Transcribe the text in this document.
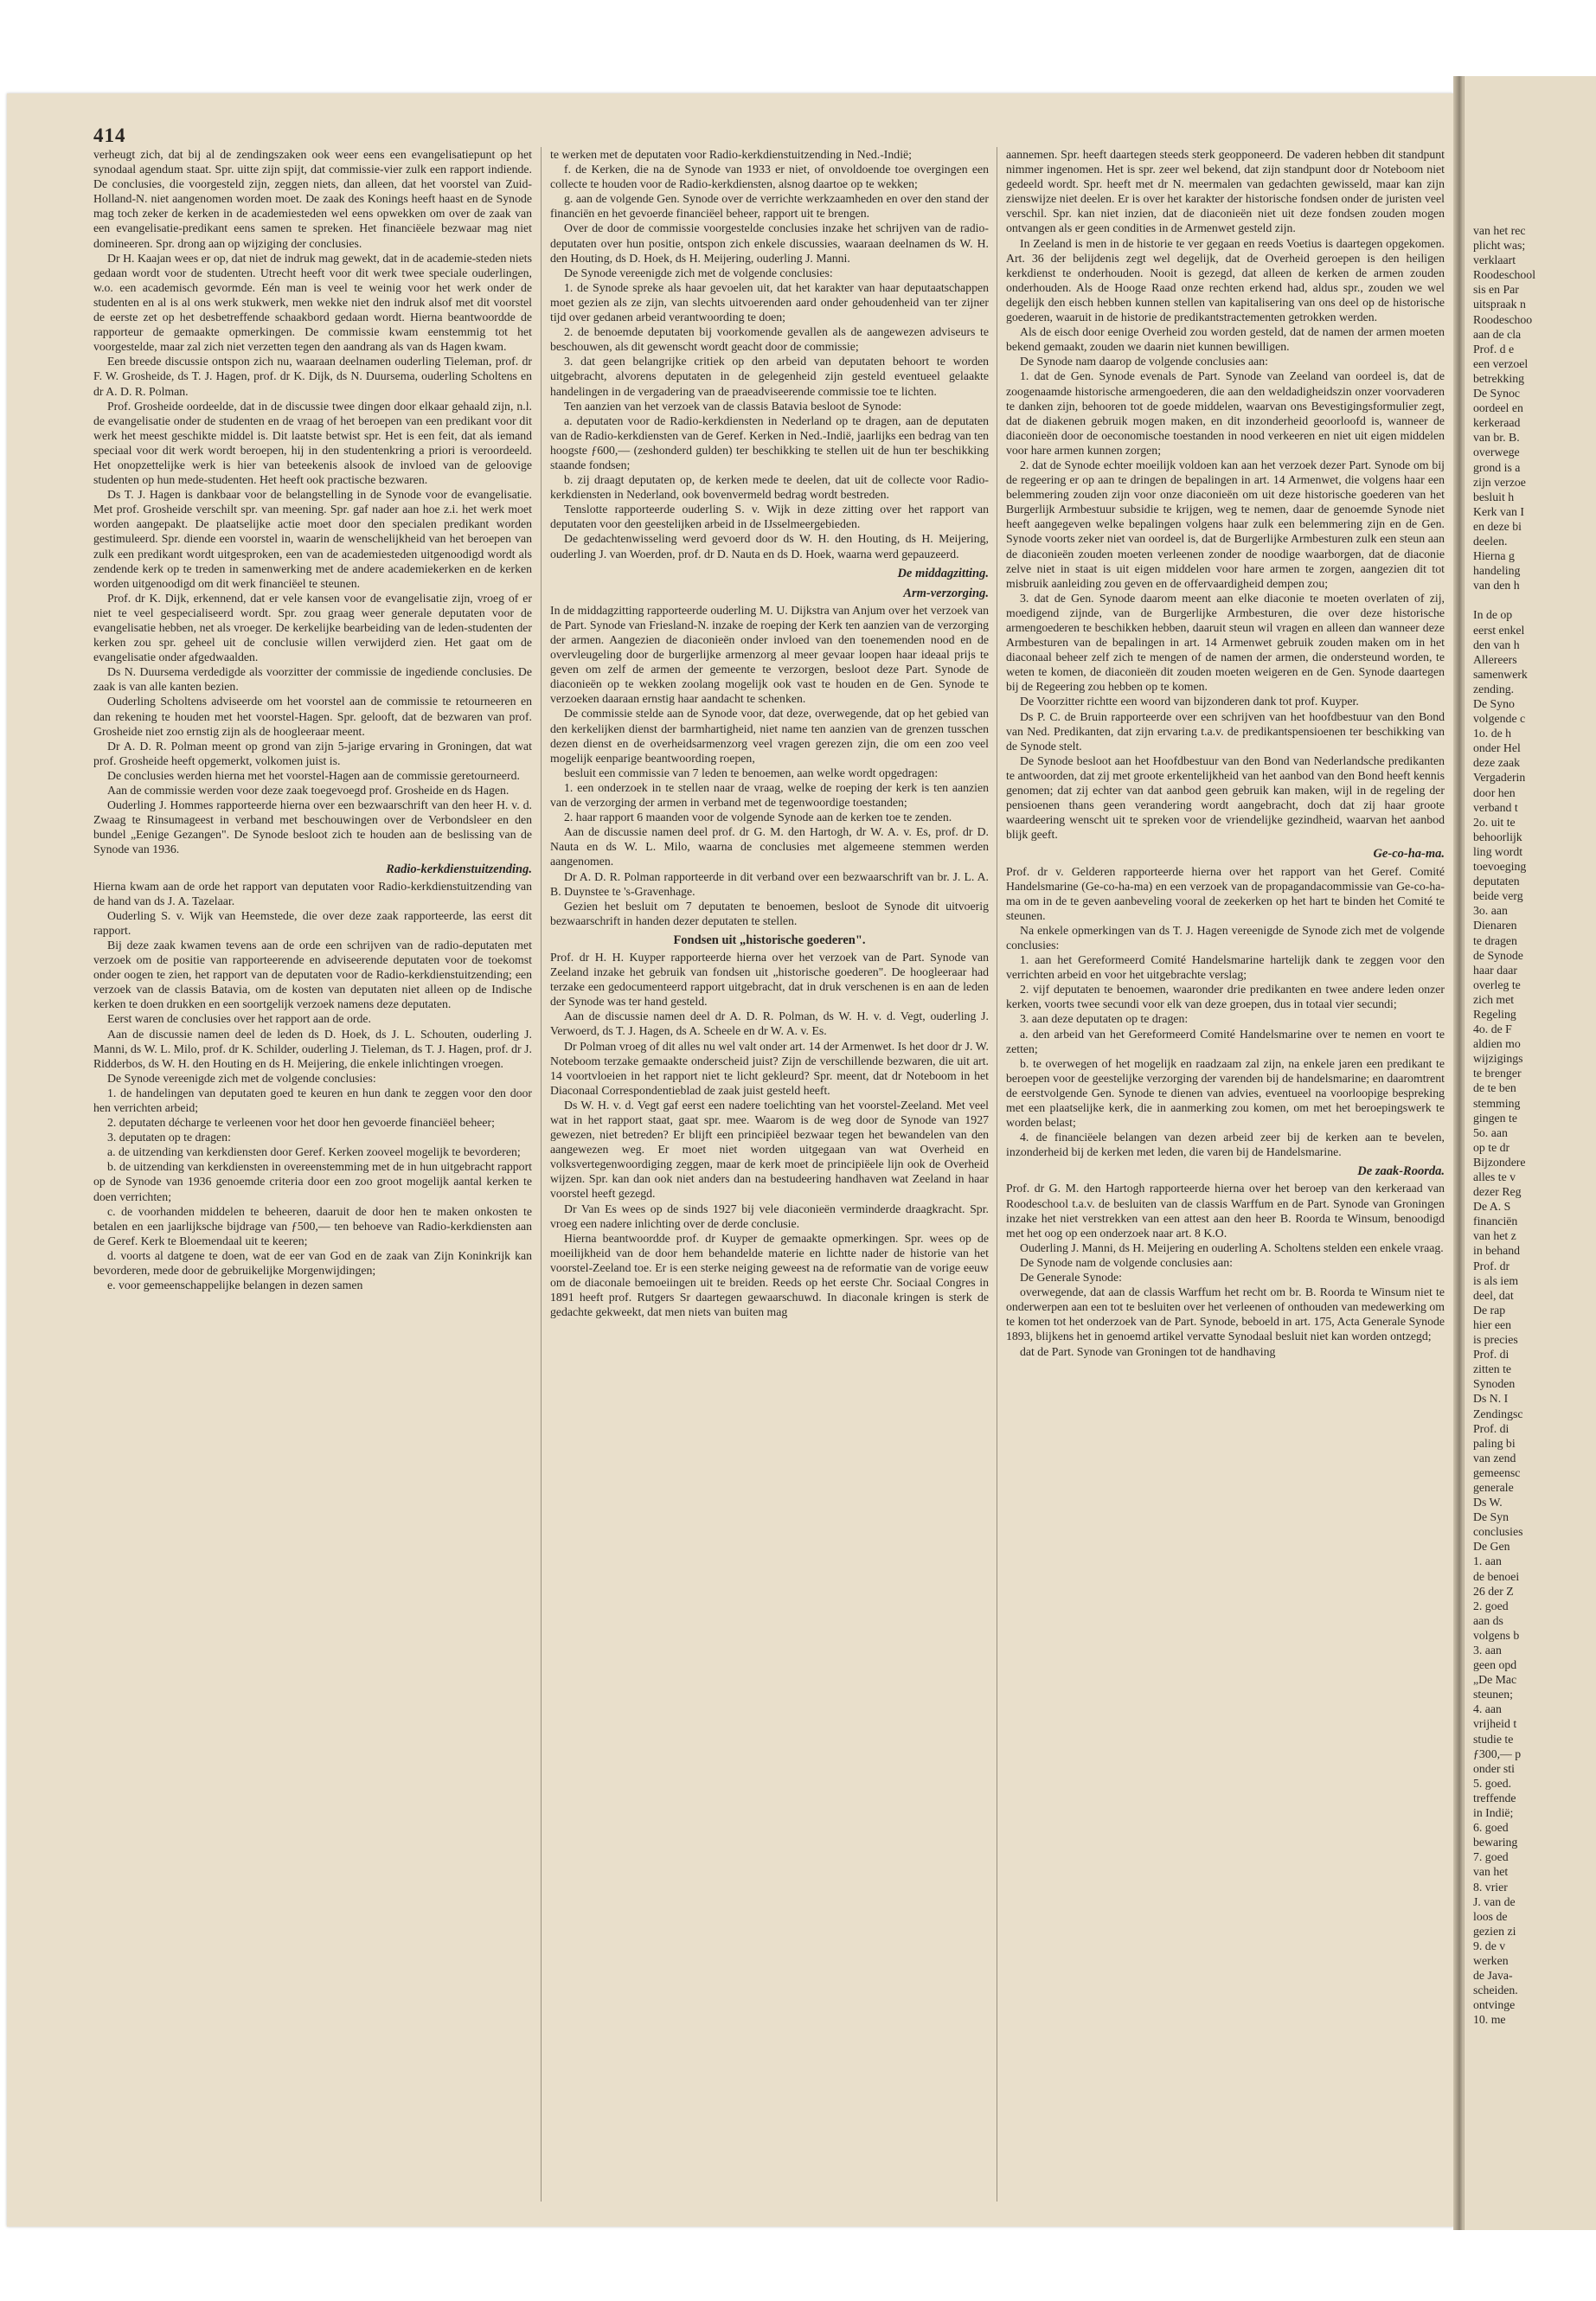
van het rec
plicht was;
verklaart
Roodeschool
sis en Par
uitspraak n
Roodeschoo
aan de cla
Prof. d e
een verzoel
betrekking
De Synoc
oordeel en
kerkeraad
van br. B.
overwege
grond is a
zijn verzoe
besluit h
Kerk van I
en deze bi
deelen.
Hierna g
handeling
van den h
In de op
eerst enkel
den van h
Allereers
samenwerk
zending.
De Syno
volgende c
1o. de h
onder Hel
deze zaak
Vergaderin
door hen
verband t
2o. uit te
behoorlijk
ling wordt
toevoeging
deputaten
beide verg
3o. aan
Dienaren
te dragen
de Synode
haar daar
overleg te
zich met
Regeling
4o. de F
aldien mo
wijzigings
te brenger
de te ben
stemming
gingen te
5o. aan
op te dr
Bijzondere
alles te v
dezer Reg
De A. S
financiën
van het z
in behand
Prof. dr
is als iem
deel, dat
De rap
hier een
is precies
Prof. di
zitten te
Synoden
Ds N. I
Zendingsc
Prof. di
paling bi
van zend
gemeensc
generale
Ds W.
De Syn
conclusies
De Gen
1. aan
de benoei
26 der Z
2. goed
aan ds
volgens b
3. aan
geen opd
„De Mac
steunen;
4. aan
vrijheid t
studie te
ƒ300,— p
onder sti
5. goed.
treffende
in Indië;
6. goed
bewaring
7. goed
van het
8. vrier
J. van de
loos de
gezien zi
9. de v
werken
de Java-
scheiden.
ontvinge
10. me
414

verheugt zich, dat bij al de zendingszaken ook weer eens een evangelisatiepunt op het synodaal agendum staat. Spr. uitte zijn spijt, dat commissie-vier zulk een rapport indiende. De conclusies, die voorgesteld zijn, zeggen niets, dan alleen, dat het voorstel van Zuid-Holland-N. niet aangenomen worden moet. De zaak des Konings heeft haast en de Synode mag toch zeker de kerken in de academiesteden wel eens opwekken om over de zaak van een evangelisatie-predikant eens samen te spreken. Het financiëele bezwaar mag niet domineeren. Spr. drong aan op wijziging der conclusies.

Dr H. Kaajan wees er op, dat niet de indruk mag gewekt, dat in de academie-steden niets gedaan wordt voor de studenten. Utrecht heeft voor dit werk twee speciale ouderlingen, w.o. een academisch gevormde. Eén man is veel te weinig voor het werk onder de studenten en al is al ons werk stukwerk, men wekke niet den indruk alsof met dit voorstel de eerste zet op het desbetreffende schaakbord gedaan wordt. Hierna beantwoordde de rapporteur de gemaakte opmerkingen. De commissie kwam eenstemmig tot het voorgestelde, maar zal zich niet verzetten tegen den aandrang als van ds Hagen kwam.

Een breede discussie ontspon zich nu, waaraan deelnamen ouderling Tieleman, prof. dr F. W. Grosheide, ds T. J. Hagen, prof. dr K. Dijk, ds N. Duursema, ouderling Scholtens en dr A. D. R. Polman.

Prof. Grosheide oordeelde, dat in de discussie twee dingen door elkaar gehaald zijn, n.l. de evangelisatie onder de studenten en de vraag of het beroepen van een predikant voor dit werk het meest geschikte middel is. Dit laatste betwist spr. Het is een feit, dat als iemand speciaal voor dit werk wordt beroepen, hij in den studentenkring a priori is veroordeeld. Het onopzettelijke werk is hier van beteekenis alsook de invloed van de geloovige studenten op hun mede-studenten. Het heeft ook practische bezwaren.

Ds T. J. Hagen is dankbaar voor de belangstelling in de Synode voor de evangelisatie. Met prof. Grosheide verschilt spr. van meening. Spr. gaf nader aan hoe z.i. het werk moet worden aangepakt. De plaatselijke actie moet door den specialen predikant worden gestimuleerd. Spr. diende een voorstel in, waarin de wenschelijkheid van het beroepen van zulk een predikant wordt uitgesproken, een van de academiesteden uitgenoodigd wordt als zendende kerk op te treden in samenwerking met de andere academiekerken en de kerken worden uitgenoodigd om dit werk financiëel te steunen.

Prof. dr K. Dijk, erkennend, dat er vele kansen voor de evangelisatie zijn, vroeg of er niet te veel gespecialiseerd wordt. Spr. zou graag weer generale deputaten voor de evangelisatie hebben, net als vroeger. De kerkelijke bearbeiding van de leden-studenten der kerken zou spr. geheel uit de conclusie willen verwijderd zien. Het gaat om de evangelisatie onder afgedwaalden.

Ds N. Duursema verdedigde als voorzitter der commissie de ingediende conclusies. De zaak is van alle kanten bezien.

Ouderling Scholtens adviseerde om het voorstel aan de commissie te retourneeren en dan rekening te houden met het voorstel-Hagen. Spr. gelooft, dat de bezwaren van prof. Grosheide niet zoo ernstig zijn als de hoogleeraar meent.

Dr A. D. R. Polman meent op grond van zijn 5-jarige ervaring in Groningen, dat wat prof. Grosheide heeft opgemerkt, volkomen juist is.

De conclusies werden hierna met het voorstel-Hagen aan de commissie geretourneerd.

Aan de commissie werden voor deze zaak toegevoegd prof. Grosheide en ds Hagen.

Ouderling J. Hommes rapporteerde hierna over een bezwaarschrift van den heer H. v. d. Zwaag te Rinsumageest in verband met beschouwingen over de Verbondsleer en den bundel „Eenige Gezangen". De Synode besloot zich te houden aan de beslissing van de Synode van 1936.

Radio-kerkdienstuitzending.

Hierna kwam aan de orde het rapport van deputaten voor Radio-kerkdienstuitzending van de hand van ds J. A. Tazelaar.

Ouderling S. v. Wijk van Heemstede, die over deze zaak rapporteerde, las eerst dit rapport.

Bij deze zaak kwamen tevens aan de orde een schrijven van de radio-deputaten met verzoek om de positie van rapporteerende en adviseerende deputaten voor de toekomst onder oogen te zien, het rapport van de deputaten voor de Radio-kerkdienstuitzending; een verzoek van de classis Batavia, om de kosten van deputaten niet alleen op de Indische kerken te doen drukken en een soortgelijk verzoek namens deze deputaten.

Eerst waren de conclusies over het rapport aan de orde.

Aan de discussie namen deel de leden ds D. Hoek, ds J. L. Schouten, ouderling J. Manni, ds W. L. Milo, prof. dr K. Schilder, ouderling J. Tieleman, ds T. J. Hagen, prof. dr J. Ridderbos, ds W. H. den Houting en ds H. Meijering, die enkele inlichtingen vroegen.

De Synode vereenigde zich met de volgende conclusies:

1. de handelingen van deputaten goed te keuren en hun dank te zeggen voor den door hen verrichten arbeid;

2. deputaten décharge te verleenen voor het door hen gevoerde financiëel beheer;

3. deputaten op te dragen:

a. de uitzending van kerkdiensten door Geref. Kerken zooveel mogelijk te bevorderen;

b. de uitzending van kerkdiensten in overeenstemming met de in hun uitgebracht rapport op de Synode van 1936 genoemde criteria door een zoo groot mogelijk aantal kerken te doen verrichten;

c. de voorhanden middelen te beheeren, daaruit de door hen te maken onkosten te betalen en een jaarlijksche bijdrage van ƒ500,— ten behoeve van Radio-kerkdiensten aan de Geref. Kerk te Bloemendaal uit te keeren;

d. voorts al datgene te doen, wat de eer van God en de zaak van Zijn Koninkrijk kan bevorderen, mede door de gebruikelijke Morgenwijdingen;

e. voor gemeenschappelijke belangen in dezen samen

te werken met de deputaten voor Radio-kerkdienstuitzending in Ned.-Indië;

f. de Kerken, die na de Synode van 1933 er niet, of onvoldoende toe overgingen een collecte te houden voor de Radio-kerkdiensten, alsnog daartoe op te wekken;

g. aan de volgende Gen. Synode over de verrichte werkzaamheden en over den stand der financiën en het gevoerde financiëel beheer, rapport uit te brengen.

Over de door de commissie voorgestelde conclusies inzake het schrijven van de radio-deputaten over hun positie, ontspon zich enkele discussies, waaraan deelnamen ds W. H. den Houting, ds D. Hoek, ds H. Meijering, ouderling J. Manni.

De Synode vereenigde zich met de volgende conclusies:

1. de Synode spreke als haar gevoelen uit, dat het karakter van haar deputaatschappen moet gezien als ze zijn, van slechts uitvoerenden aard onder gehoudenheid van ter zijner tijd over gedanen arbeid verantwoording te doen;

2. de benoemde deputaten bij voorkomende gevallen als de aangewezen adviseurs te beschouwen, als dit gewenscht wordt geacht door de commissie;

3. dat geen belangrijke critiek op den arbeid van deputaten behoort te worden uitgebracht, alvorens deputaten in de gelegenheid zijn gesteld eventueel gelaakte handelingen in de vergadering van de praeadviseerende commissie toe te lichten.

Ten aanzien van het verzoek van de classis Batavia besloot de Synode:

a. deputaten voor de Radio-kerkdiensten in Nederland op te dragen, aan de deputaten van de Radio-kerkdiensten van de Geref. Kerken in Ned.-Indië, jaarlijks een bedrag van ten hoogste ƒ600,— (zeshonderd gulden) ter beschikking te stellen uit de hun ter beschikking staande fondsen;

b. zij draagt deputaten op, de kerken mede te deelen, dat uit de collecte voor Radio-kerkdiensten in Nederland, ook bovenvermeld bedrag wordt bestreden.

Tenslotte rapporteerde ouderling S. v. Wijk in deze zitting over het rapport van deputaten voor den geestelijken arbeid in de IJsselmeergebieden.

De gedachtenwisseling werd gevoerd door ds W. H. den Houting, ds H. Meijering, ouderling J. van Woerden, prof. dr D. Nauta en ds D. Hoek, waarna werd gepauzeerd.

De middagzitting.
Arm-verzorging.

In de middagzitting rapporteerde ouderling M. U. Dijkstra van Anjum over het verzoek van de Part. Synode van Friesland-N. inzake de roeping der Kerk ten aanzien van de verzorging der armen. Aangezien de diaconieën onder invloed van den toenemenden nood en de overvleugeling door de burgerlijke armenzorg al meer gevaar loopen haar ideaal prijs te geven om zelf de armen der gemeente te verzorgen, besloot deze Part. Synode de diaconieën op te wekken zoolang mogelijk ook vast te houden en de Gen. Synode te verzoeken daaraan ernstig haar aandacht te schenken.

De commissie stelde aan de Synode voor, dat deze, overwegende, dat op het gebied van den kerkelijken dienst der barmhartigheid, niet name ten aanzien van de grenzen tusschen dezen dienst en de overheidsarmenzorg veel vragen gerezen zijn, die om een zoo veel mogelijk eenparige beantwoording roepen,

besluit een commissie van 7 leden te benoemen, aan welke wordt opgedragen:

1. een onderzoek in te stellen naar de vraag, welke de roeping der kerk is ten aanzien van de verzorging der armen in verband met de tegenwoordige toestanden;

2. haar rapport 6 maanden voor de volgende Synode aan de kerken toe te zenden.

Aan de discussie namen deel prof. dr G. M. den Hartogh, dr W. A. v. Es, prof. dr D. Nauta en ds W. L. Milo, waarna de conclusies met algemeene stemmen werden aangenomen.

Dr A. D. R. Polman rapporteerde in dit verband over een bezwaarschrift van br. J. L. A. B. Duynstee te 's-Gravenhage.

Gezien het besluit om 7 deputaten te benoemen, besloot de Synode dit uitvoerig bezwaarschrift in handen dezer deputaten te stellen.

Fondsen uit „historische goederen".

Prof. dr H. H. Kuyper rapporteerde hierna over het verzoek van de Part. Synode van Zeeland inzake het gebruik van fondsen uit „historische goederen". De hoogleeraar had terzake een gedocumenteerd rapport uitgebracht, dat in druk verschenen is en aan de leden der Synode was ter hand gesteld.

Aan de discussie namen deel dr A. D. R. Polman, ds W. H. v. d. Vegt, ouderling J. Verwoerd, ds T. J. Hagen, ds A. Scheele en dr W. A. v. Es.

Dr Polman vroeg of dit alles nu wel valt onder art. 14 der Armenwet. Is het door dr J. W. Noteboom terzake gemaakte onderscheid juist? Zijn de verschillende bezwaren, die uit art. 14 voortvloeien in het rapport niet te licht gekleurd? Spr. meent, dat dr Noteboom in het Diaconaal Correspondentieblad de zaak juist gesteld heeft.

Ds W. H. v. d. Vegt gaf eerst een nadere toelichting van het voorstel-Zeeland. Met veel wat in het rapport staat, gaat spr. mee. Waarom is de weg door de Synode van 1927 gewezen, niet betreden? Er blijft een principiëel bezwaar tegen het bewandelen van den aangewezen weg. Er moet niet worden uitgegaan van wat Overheid en volksvertegenwoordiging zeggen, maar de kerk moet de principiëele lijn ook de Overheid wijzen. Spr. kan dan ook niet anders dan na bestudeering handhaven wat Zeeland in haar voorstel heeft gezegd.

Dr Van Es wees op de sinds 1927 bij vele diaconieën verminderde draagkracht. Spr. vroeg een nadere inlichting over de derde conclusie.

Hierna beantwoordde prof. dr Kuyper de gemaakte opmerkingen. Spr. wees op de moeilijkheid van de door hem behandelde materie en lichtte nader de historie van het voorstel-Zeeland toe. Er is een sterke neiging geweest na de reformatie van de vorige eeuw om de diaconale bemoeiingen uit te breiden. Reeds op het eerste Chr. Sociaal Congres in 1891 heeft prof. Rutgers Sr daartegen gewaarschuwd. In diaconale kringen is sterk de gedachte gekweekt, dat men niets van buiten mag

aannemen. Spr. heeft daartegen steeds sterk geopponeerd. De vaderen hebben dit standpunt nimmer ingenomen. Het is spr. zeer wel bekend, dat zijn standpunt door dr Noteboom niet gedeeld wordt. Spr. heeft met dr N. meermalen van gedachten gewisseld, maar kan zijn zienswijze niet deelen. Er is over het karakter der historische fondsen onder de juristen veel verschil. Spr. kan niet inzien, dat de diaconieën niet uit deze fondsen zouden mogen ontvangen als er geen condities in de Armenwet gesteld zijn.

In Zeeland is men in de historie te ver gegaan en reeds Voetius is daartegen opgekomen. Art. 36 der belijdenis zegt wel degelijk, dat de Overheid geroepen is den heiligen kerkdienst te onderhouden. Nooit is gezegd, dat alleen de kerken de armen zouden onderhouden. Als de Hooge Raad onze rechten erkend had, aldus spr., zouden we wel degelijk den eisch hebben kunnen stellen van kapitalisering van ons deel op de historische goederen, waaruit in de historie de predikantstractementen getrokken werden.

Als de eisch door eenige Overheid zou worden gesteld, dat de namen der armen moeten bekend gemaakt, zouden we daarin niet kunnen bewilligen.

De Synode nam daarop de volgende conclusies aan:

1. dat de Gen. Synode evenals de Part. Synode van Zeeland van oordeel is, dat de zoogenaamde historische armengoederen, die aan den weldadigheidszin onzer voorvaderen te danken zijn, behooren tot de goede middelen, waarvan ons Bevestigingsformulier zegt, dat de diakenen gebruik mogen maken, en dit inzonderheid geoorloofd is, wanneer de diaconieën door de oeconomische toestanden in nood verkeeren en niet uit eigen middelen voor hare armen kunnen zorgen;

2. dat de Synode echter moeilijk voldoen kan aan het verzoek dezer Part. Synode om bij de regeering er op aan te dringen de bepalingen in art. 14 Armenwet, die volgens haar een belemmering zouden zijn voor onze diaconieën om uit deze historische goederen van het Burgerlijk Armbestuur subsidie te krijgen, weg te nemen, daar de genoemde Synode niet heeft aangegeven welke bepalingen volgens haar zulk een belemmering zijn en de Gen. Synode voorts zeker niet van oordeel is, dat de Burgerlijke Armbesturen zulk een steun aan de diaconieën zouden moeten verleenen zonder de noodige waarborgen, dat de diaconie zelve niet in staat is uit eigen middelen voor hare armen te zorgen, aangezien dit tot misbruik aanleiding zou geven en de offervaardigheid dempen zou;

3. dat de Gen. Synode daarom meent aan elke diaconie te moeten overlaten of zij, moedigend zijnde, van de Burgerlijke Armbesturen, die over deze historische armengoederen te beschikken hebben, daaruit steun wil vragen en alleen dan wanneer deze Armbesturen van de bepalingen in art. 14 Armenwet gebruik zouden maken om in het diaconaal beheer zelf zich te mengen of de namen der armen, die ondersteund worden, te weten te komen, de diaconieën dit zouden moeten weigeren en de Gen. Synode daartegen bij de Regeering zou hebben op te komen.

De Voorzitter richtte een woord van bijzonderen dank tot prof. Kuyper.

Ds P. C. de Bruin rapporteerde over een schrijven van het hoofdbestuur van den Bond van Ned. Predikanten, dat zijn ervaring t.a.v. de predikantspensioenen ter beschikking van de Synode stelt.

De Synode besloot aan het Hoofdbestuur van den Bond van Nederlandsche predikanten te antwoorden, dat zij met groote erkentelijkheid van het aanbod van den Bond heeft kennis genomen; dat zij echter van dat aanbod geen gebruik kan maken, wijl in de regeling der pensioenen thans geen verandering wordt aangebracht, doch dat zij haar groote waardeering wenscht uit te spreken voor de vriendelijke gezindheid, waarvan het aanbod blijk geeft.

Ge-co-ha-ma.

Prof. dr v. Gelderen rapporteerde hierna over het rapport van het Geref. Comité Handelsmarine (Ge-co-ha-ma) en een verzoek van de propagandacommissie van Ge-co-ha-ma om in de te geven aanbeveling vooral de zeekerken op het hart te binden het Comité te steunen.

Na enkele opmerkingen van ds T. J. Hagen vereenigde de Synode zich met de volgende conclusies:

1. aan het Gereformeerd Comité Handelsmarine hartelijk dank te zeggen voor den verrichten arbeid en voor het uitgebrachte verslag;

2. vijf deputaten te benoemen, waaronder drie predikanten en twee andere leden onzer kerken, voorts twee secundi voor elk van deze groepen, dus in totaal vier secundi;

3. aan deze deputaten op te dragen:

a. den arbeid van het Gereformeerd Comité Handelsmarine over te nemen en voort te zetten;

b. te overwegen of het mogelijk en raadzaam zal zijn, na enkele jaren een predikant te beroepen voor de geestelijke verzorging der varenden bij de handelsmarine; en daaromtrent de eerstvolgende Gen. Synode te dienen van advies, eventueel na voorloopige bespreking met een plaatselijke kerk, die in aanmerking zou komen, om met het beroepingswerk te worden belast;

4. de financiëele belangen van dezen arbeid zeer bij de kerken aan te bevelen, inzonderheid bij de kerken met leden, die varen bij de Handelsmarine.

De zaak-Roorda.

Prof. dr G. M. den Hartogh rapporteerde hierna over het beroep van den kerkeraad van Roodeschool t.a.v. de besluiten van de classis Warffum en de Part. Synode van Groningen inzake het niet verstrekken van een attest aan den heer B. Roorda te Winsum, benoodigd met het oog op een onderzoek naar art. 8 K.O.

Ouderling J. Manni, ds H. Meijering en ouderling A. Scholtens stelden een enkele vraag.

De Synode nam de volgende conclusies aan:

De Generale Synode:

overwegende, dat aan de classis Warffum het recht om br. B. Roorda te Winsum niet te onderwerpen aan een tot te besluiten over het verleenen of onthouden van medewerking om te komen tot het onderzoek van de Part. Synode, beboeld in art. 175, Acta Generale Synode 1893, blijkens het in genoemd artikel vervatte Synodaal besluit niet kan worden ontzegd;

dat de Part. Synode van Groningen tot de handhaving
